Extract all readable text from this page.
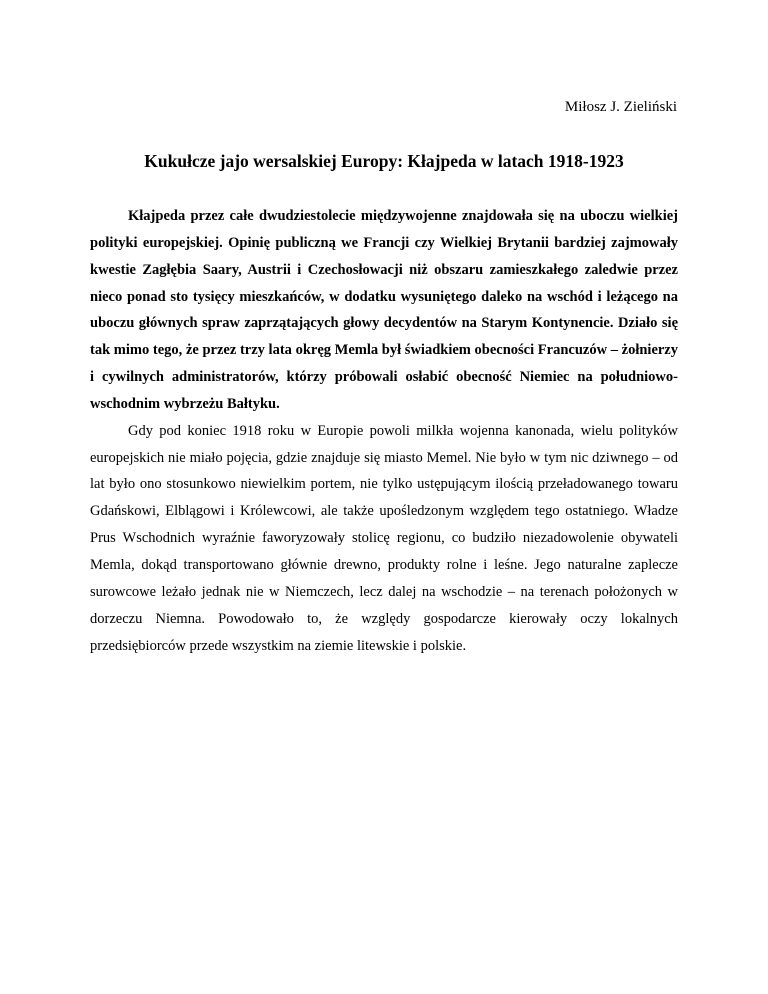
Miłosz J. Zieliński

Kukułcze jajo wersalskiej Europy: Kłajpeda w latach 1918-1923

Kłajpeda przez całe dwudziestolecie międzywojenne znajdowała się na uboczu wielkiej polityki europejskiej. Opinię publiczną we Francji czy Wielkiej Brytanii bardziej zajmowały kwestie Zagłębia Saary, Austrii i Czechosłowacji niż obszaru zamieszkałego zaledwie przez nieco ponad sto tysięcy mieszkańców, w dodatku wysuniętego daleko na wschód i leżącego na uboczu głównych spraw zaprzątających głowy decydentów na Starym Kontynencie. Działo się tak mimo tego, że przez trzy lata okręg Memla był świadkiem obecności Francuzów – żołnierzy i cywilnych administratorów, którzy próbowali osłabić obecność Niemiec na południowo-wschodnim wybrzeżu Bałtyku.

Gdy pod koniec 1918 roku w Europie powoli milkła wojenna kanonada, wielu polityków europejskich nie miało pojęcia, gdzie znajduje się miasto Memel. Nie było w tym nic dziwnego – od lat było ono stosunkowo niewielkim portem, nie tylko ustępującym ilością przeładowanego towaru Gdańskowi, Elblągowi i Królewcowi, ale także upośledzonym względem tego ostatniego. Władze Prus Wschodnich wyraźnie faworyzowały stolicę regionu, co budziło niezadowolenie obywateli Memla, dokąd transportowano głównie drewno, produkty rolne i leśne. Jego naturalne zaplecze surowcowe leżało jednak nie w Niemczech, lecz dalej na wschodzie – na terenach położonych w dorzeczu Niemna. Powodowało to, że względy gospodarcze kierowały oczy lokalnych przedsiębiorców przede wszystkim na ziemie litewskie i polskie.
